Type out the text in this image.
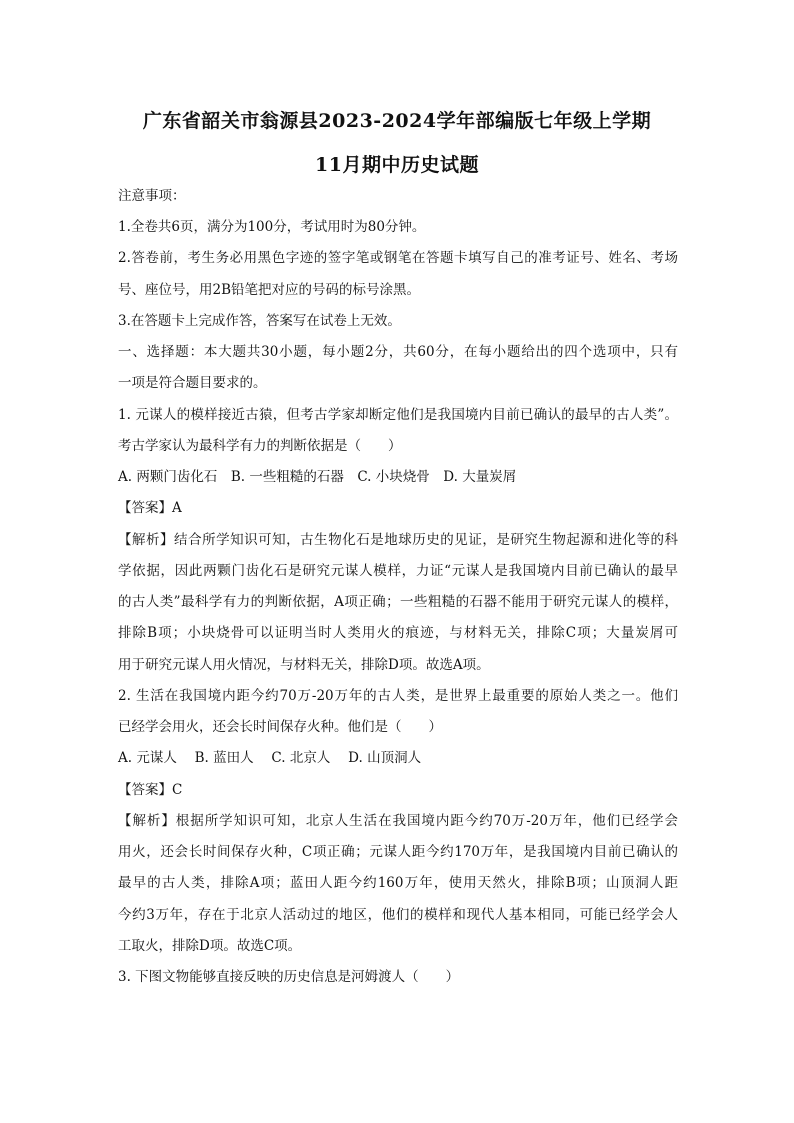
广东省韶关市翁源县2023-2024学年部编版七年级上学期
11月期中历史试题
注意事项：
1.全卷共6页，满分为100分，考试用时为80分钟。
2.答卷前，考生务必用黑色字迹的签字笔或钢笔在答题卡填写自己的准考证号、姓名、考场
号、座位号，用2B铅笔把对应的号码的标号涂黑。
3.在答题卡上完成作答，答案写在试卷上无效。
一、选择题：本大题共30小题，每小题2分，共60分，在每小题给出的四个选项中，只有
一项是符合题目要求的。
1. 元谋人的模样接近古猿，但考古学家却断定他们是我国境内目前已确认的最早的古人类”。
考古学家认为最科学有力的判断依据是（　　）
A. 两颗门齿化石　B. 一些粗糙的石器　C. 小块烧骨　D. 大量炭屑
【答案】A
【解析】结合所学知识可知，古生物化石是地球历史的见证，是研究生物起源和进化等的科
学依据，因此两颗门齿化石是研究元谋人模样，力证“元谋人是我国境内目前已确认的最早
的古人类”最科学有力的判断依据，A项正确；一些粗糙的石器不能用于研究元谋人的模样，
排除B项；小块烧骨可以证明当时人类用火的痕迹，与材料无关，排除C项；大量炭屑可
用于研究元谋人用火情况，与材料无关，排除D项。故选A项。
2. 生活在我国境内距今约70万-20万年的古人类，是世界上最重要的原始人类之一。他们
已经学会用火，还会长时间保存火种。他们是（　　）
A. 元谋人　 B. 蓝田人　 C. 北京人　 D. 山顶洞人
【答案】C
【解析】根据所学知识可知，北京人生活在我国境内距今约70万-20万年，他们已经学会
用火，还会长时间保存火种，C项正确；元谋人距今约170万年，是我国境内目前已确认的
最早的古人类，排除A项；蓝田人距今约160万年，使用天然火，排除B项；山顶洞人距
今约3万年，存在于北京人活动过的地区，他们的模样和现代人基本相同，可能已经学会人
工取火，排除D项。故选C项。
3. 下图文物能够直接反映的历史信息是河姆渡人（　　）
